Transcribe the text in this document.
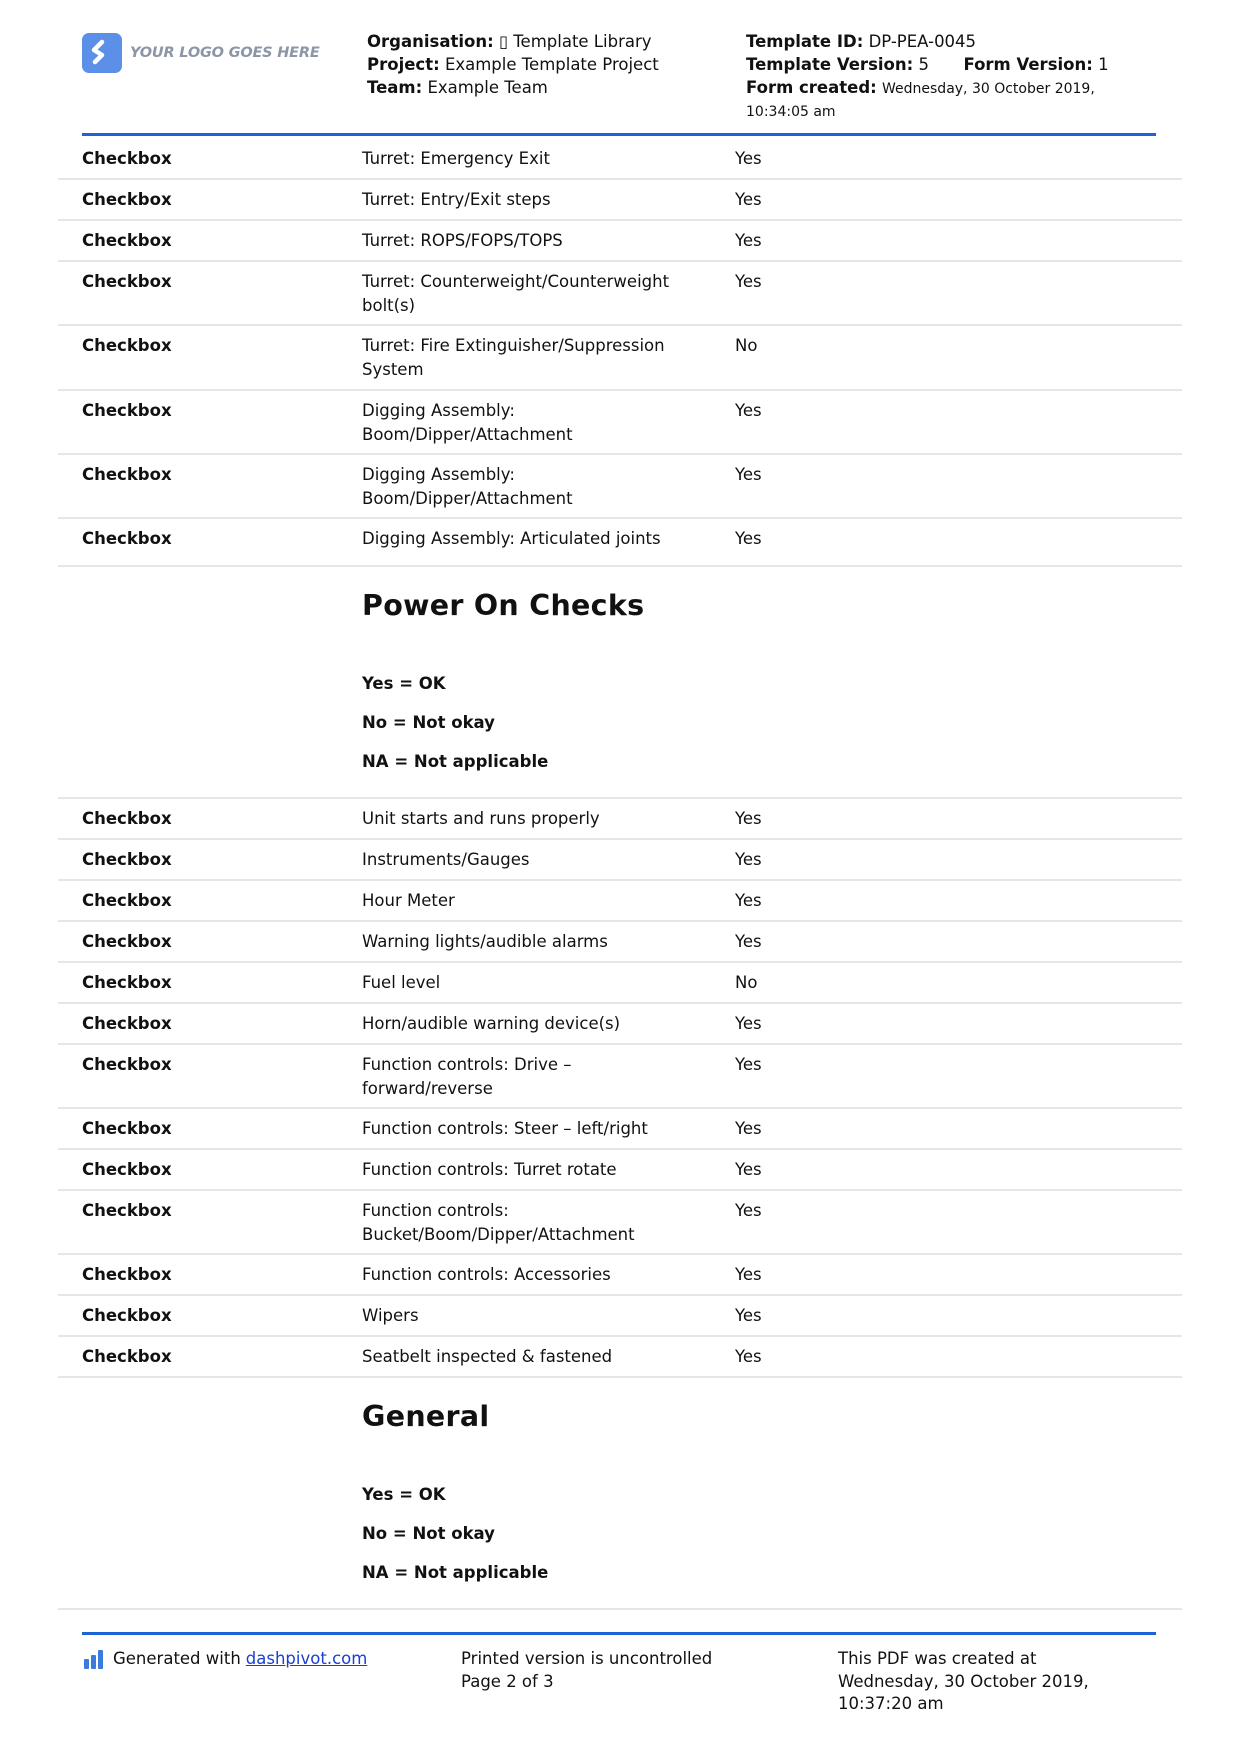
YOUR LOGO GOES HERE
Organisation: ▯ Template Library
Project: Example Template Project
Team: Example Team
Template ID: DP-PEA-0045
Template Version: 5 Form Version: 1
Form created: Wednesday, 30 October 2019,
10:34:05 am
Checkbox	Turret: Emergency Exit	Yes
Checkbox	Turret: Entry/Exit steps	Yes
Checkbox	Turret: ROPS/FOPS/TOPS	Yes
Checkbox	Turret: Counterweight/Counterweight bolt(s)
Yes
Checkbox	Turret: Fire Extinguisher/Suppression System
No
Checkbox	Digging Assembly: Boom/Dipper/Attachment
Yes
Checkbox	Digging Assembly: Boom/Dipper/Attachment
Yes
Checkbox	Digging Assembly: Articulated joints	Yes
Power On Checks
Yes = OK
No = Not okay
NA = Not applicable
Checkbox	Unit starts and runs properly	Yes
Checkbox	Instruments/Gauges	Yes
Checkbox	Hour Meter	Yes
Checkbox	Warning lights/audible alarms	Yes
Checkbox	Fuel level	No
Checkbox	Horn/audible warning device(s)	Yes
Checkbox	Function controls: Drive – forward/reverse
Yes
Checkbox	Function controls: Steer – left/right	Yes
Checkbox	Function controls: Turret rotate	Yes
Checkbox	Function controls: Bucket/Boom/Dipper/Attachment
Yes
Checkbox	Function controls: Accessories	Yes
Checkbox	Wipers	Yes
Checkbox	Seatbelt inspected & fastened	Yes
General
Yes = OK
No = Not okay
NA = Not applicable
Generated with dashpivot.com	Printed version is uncontrolled
Page 2 of 3
This PDF was created at
Wednesday, 30 October 2019,
10:37:20 am
